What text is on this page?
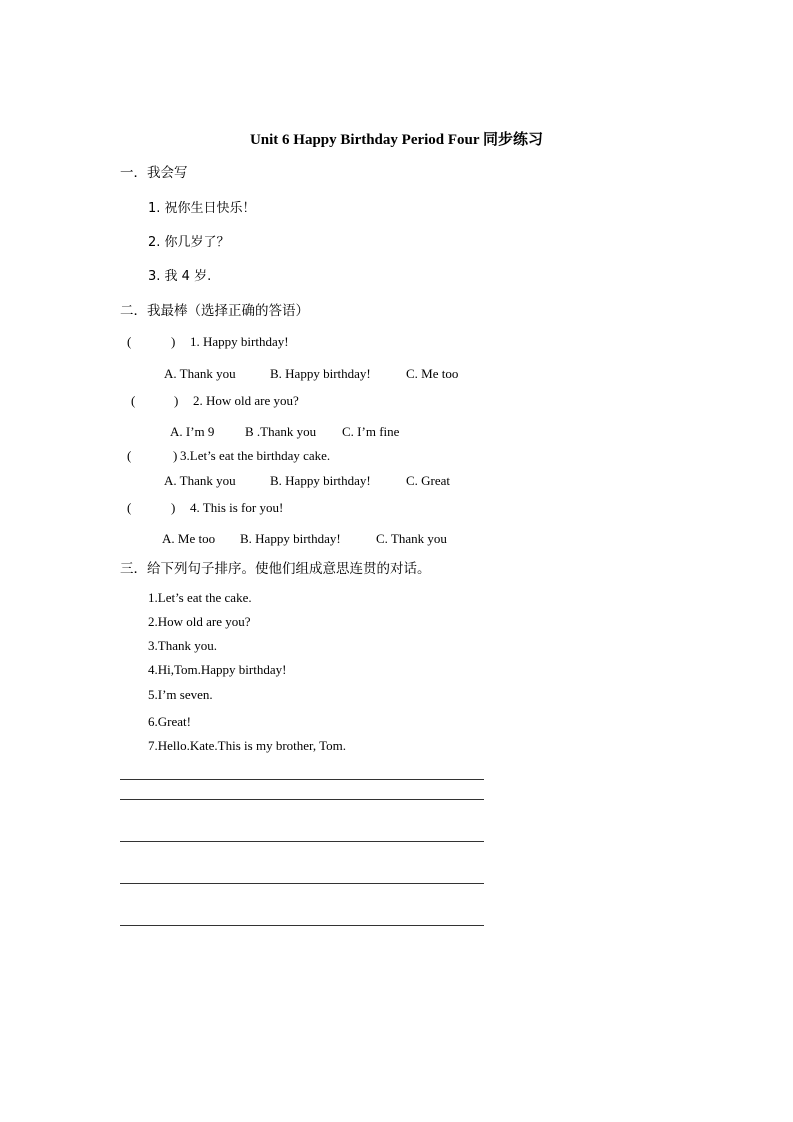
Unit 6 Happy Birthday Period Four 同步练习
一．我会写
1. 祝你生日快乐！
2. 你几岁了？
3. 我 4 岁.
二．我最棒（选择正确的答语）
(	) 1. Happy birthday!
A. Thank you	B. Happy birthday!	C. Me too
(	) 2. How old are you?
A. I’m 9 B .Thank you C. I’m fine
(	) 3.Let’s eat the birthday cake.
A. Thank you	B. Happy birthday!	C. Great
(	) 4. This is for you!
A. Me too B. Happy birthday!	C. Thank you
三．给下列句子排序。使他们组成意思连贯的对话。
1.Let’s eat the cake.
2.How old are you?
3.Thank you.
4.Hi,Tom.Happy birthday!
5.I’m seven.
6.Great!
7.Hello.Kate.This is my brother, Tom.
